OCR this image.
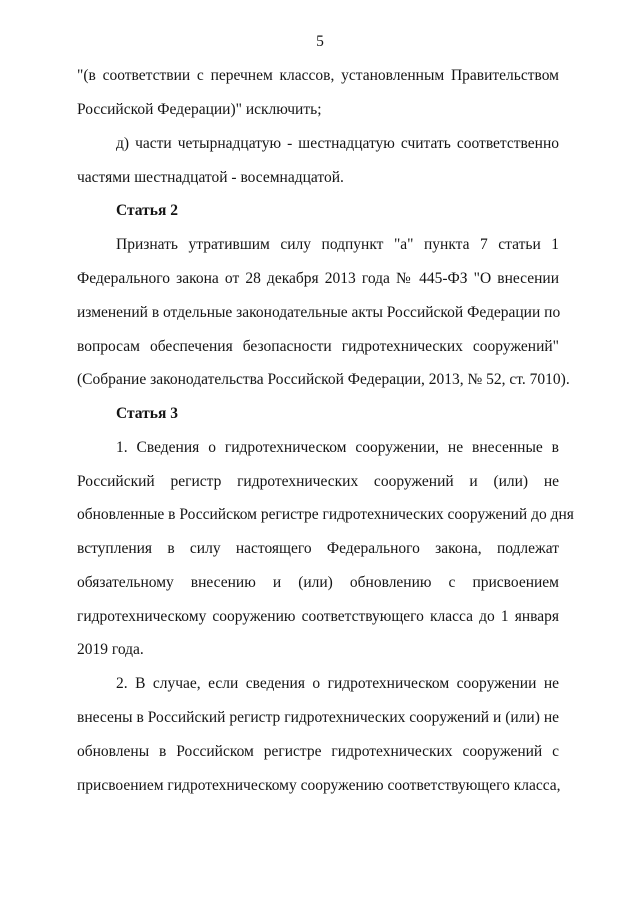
5

"(в соответствии с перечнем классов, установленным Правительством

Российской Федерации)" исключить;

д) части четырнадцатую - шестнадцатую считать соответственно

частями шестнадцатой - восемнадцатой.

Статья 2

Признать утратившим силу подпункт "а" пункта 7 статьи 1

Федерального закона от 28 декабря 2013 года № 445-ФЗ "О внесении

изменений в отдельные законодательные акты Российской Федерации по

вопросам обеспечения безопасности гидротехнических сооружений"

(Собрание законодательства Российской Федерации, 2013, № 52, ст. 7010).

Статья 3

1. Сведения о гидротехническом сооружении, не внесенные в

Российский регистр гидротехнических сооружений и (или) не

обновленные в Российском регистре гидротехнических сооружений до дня

вступления в силу настоящего Федерального закона, подлежат

обязательному внесению и (или) обновлению с присвоением

гидротехническому сооружению соответствующего класса до 1 января

2019 года.

2. В случае, если сведения о гидротехническом сооружении не

внесены в Российский регистр гидротехнических сооружений и (или) не

обновлены в Российском регистре гидротехнических сооружений с

присвоением гидротехническому сооружению соответствующего класса,
